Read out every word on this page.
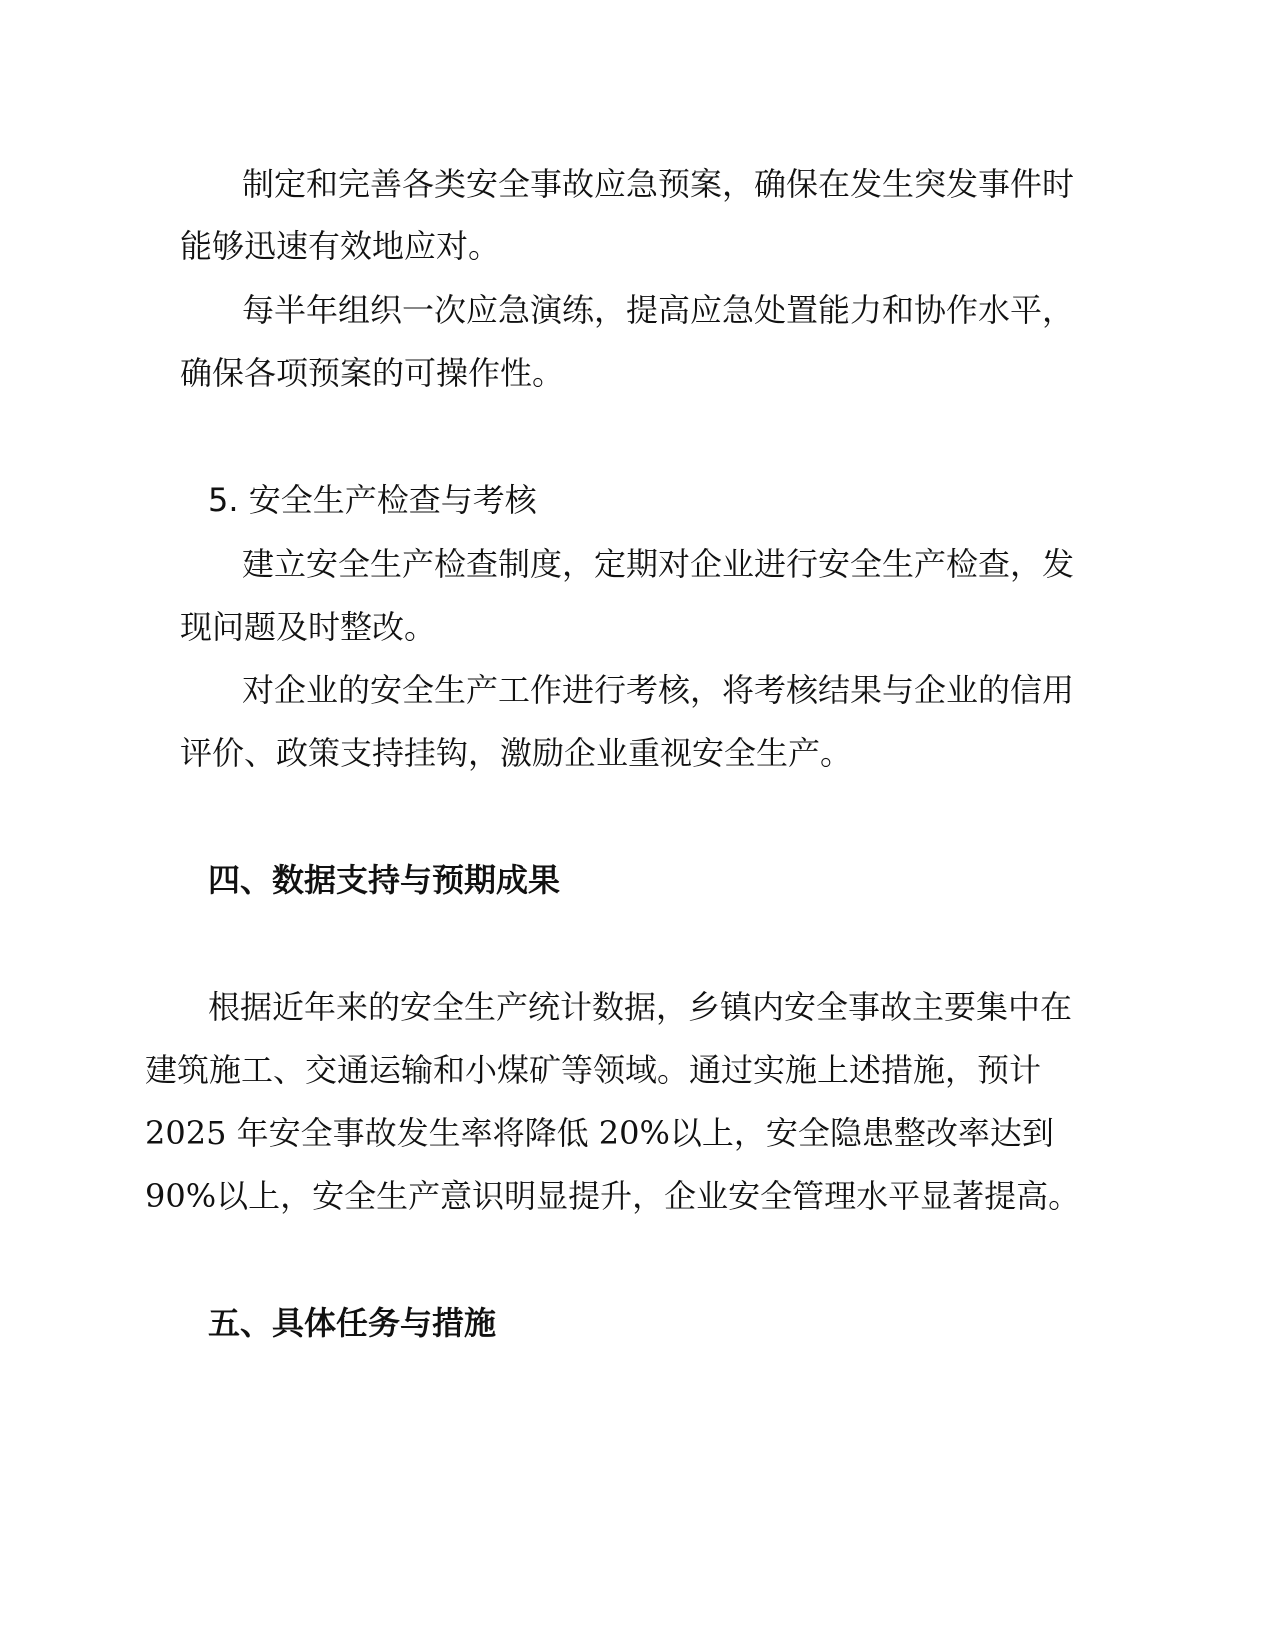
制定和完善各类安全事故应急预案，确保在发生突发事件时

能够迅速有效地应对。

每半年组织一次应急演练，提高应急处置能力和协作水平，

确保各项预案的可操作性。

5. 安全生产检查与考核

建立安全生产检查制度，定期对企业进行安全生产检查，发

现问题及时整改。

对企业的安全生产工作进行考核，将考核结果与企业的信用

评价、政策支持挂钩，激励企业重视安全生产。

四、数据支持与预期成果

根据近年来的安全生产统计数据，乡镇内安全事故主要集中在

建筑施工、交通运输和小煤矿等领域。通过实施上述措施，预计

2025 年安全事故发生率将降低 20%以上，安全隐患整改率达到

90%以上，安全生产意识明显提升，企业安全管理水平显著提高。

五、具体任务与措施
